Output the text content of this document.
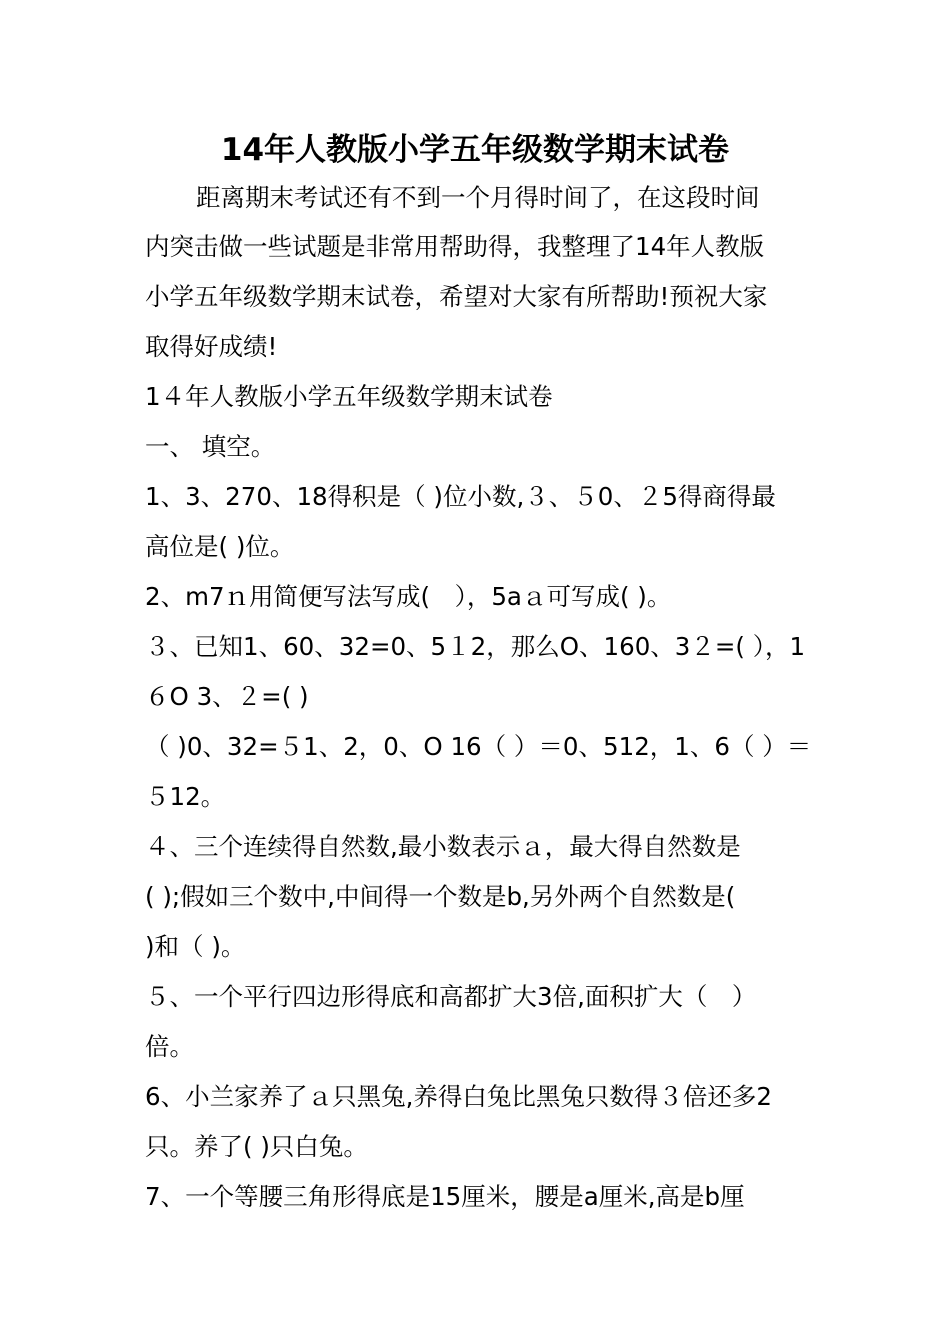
14年人教版小学五年级数学期末试卷
距离期末考试还有不到一个月得时间了，在这段时间
内突击做一些试题是非常用帮助得，我整理了14年人教版
小学五年级数学期末试卷，希望对大家有所帮助!预祝大家
取得好成绩!
1４年人教版小学五年级数学期末试卷
一、 填空。
1、3、270、18得积是（ )位小数,３、５0、２5得商得最
高位是( )位。
2、m7ｎ用简便写法写成(　），5aａ可写成( )。
３、已知1、60、32=0、5１2，那么O、160、3２=( ），1
６O 3、２=( )
（ )0、32=５1、2，0、O 16（ ）＝0、512，1、6（ ）＝
５12。
４、三个连续得自然数,最小数表示ａ，最大得自然数是
( );假如三个数中,中间得一个数是b,另外两个自然数是(
)和（ )。
５、一个平行四边形得底和高都扩大3倍,面积扩大（　）
倍。
6、小兰家养了ａ只黑兔,养得白兔比黑兔只数得３倍还多2
只。养了( )只白兔。
7、一个等腰三角形得底是15厘米，腰是a厘米,高是b厘
